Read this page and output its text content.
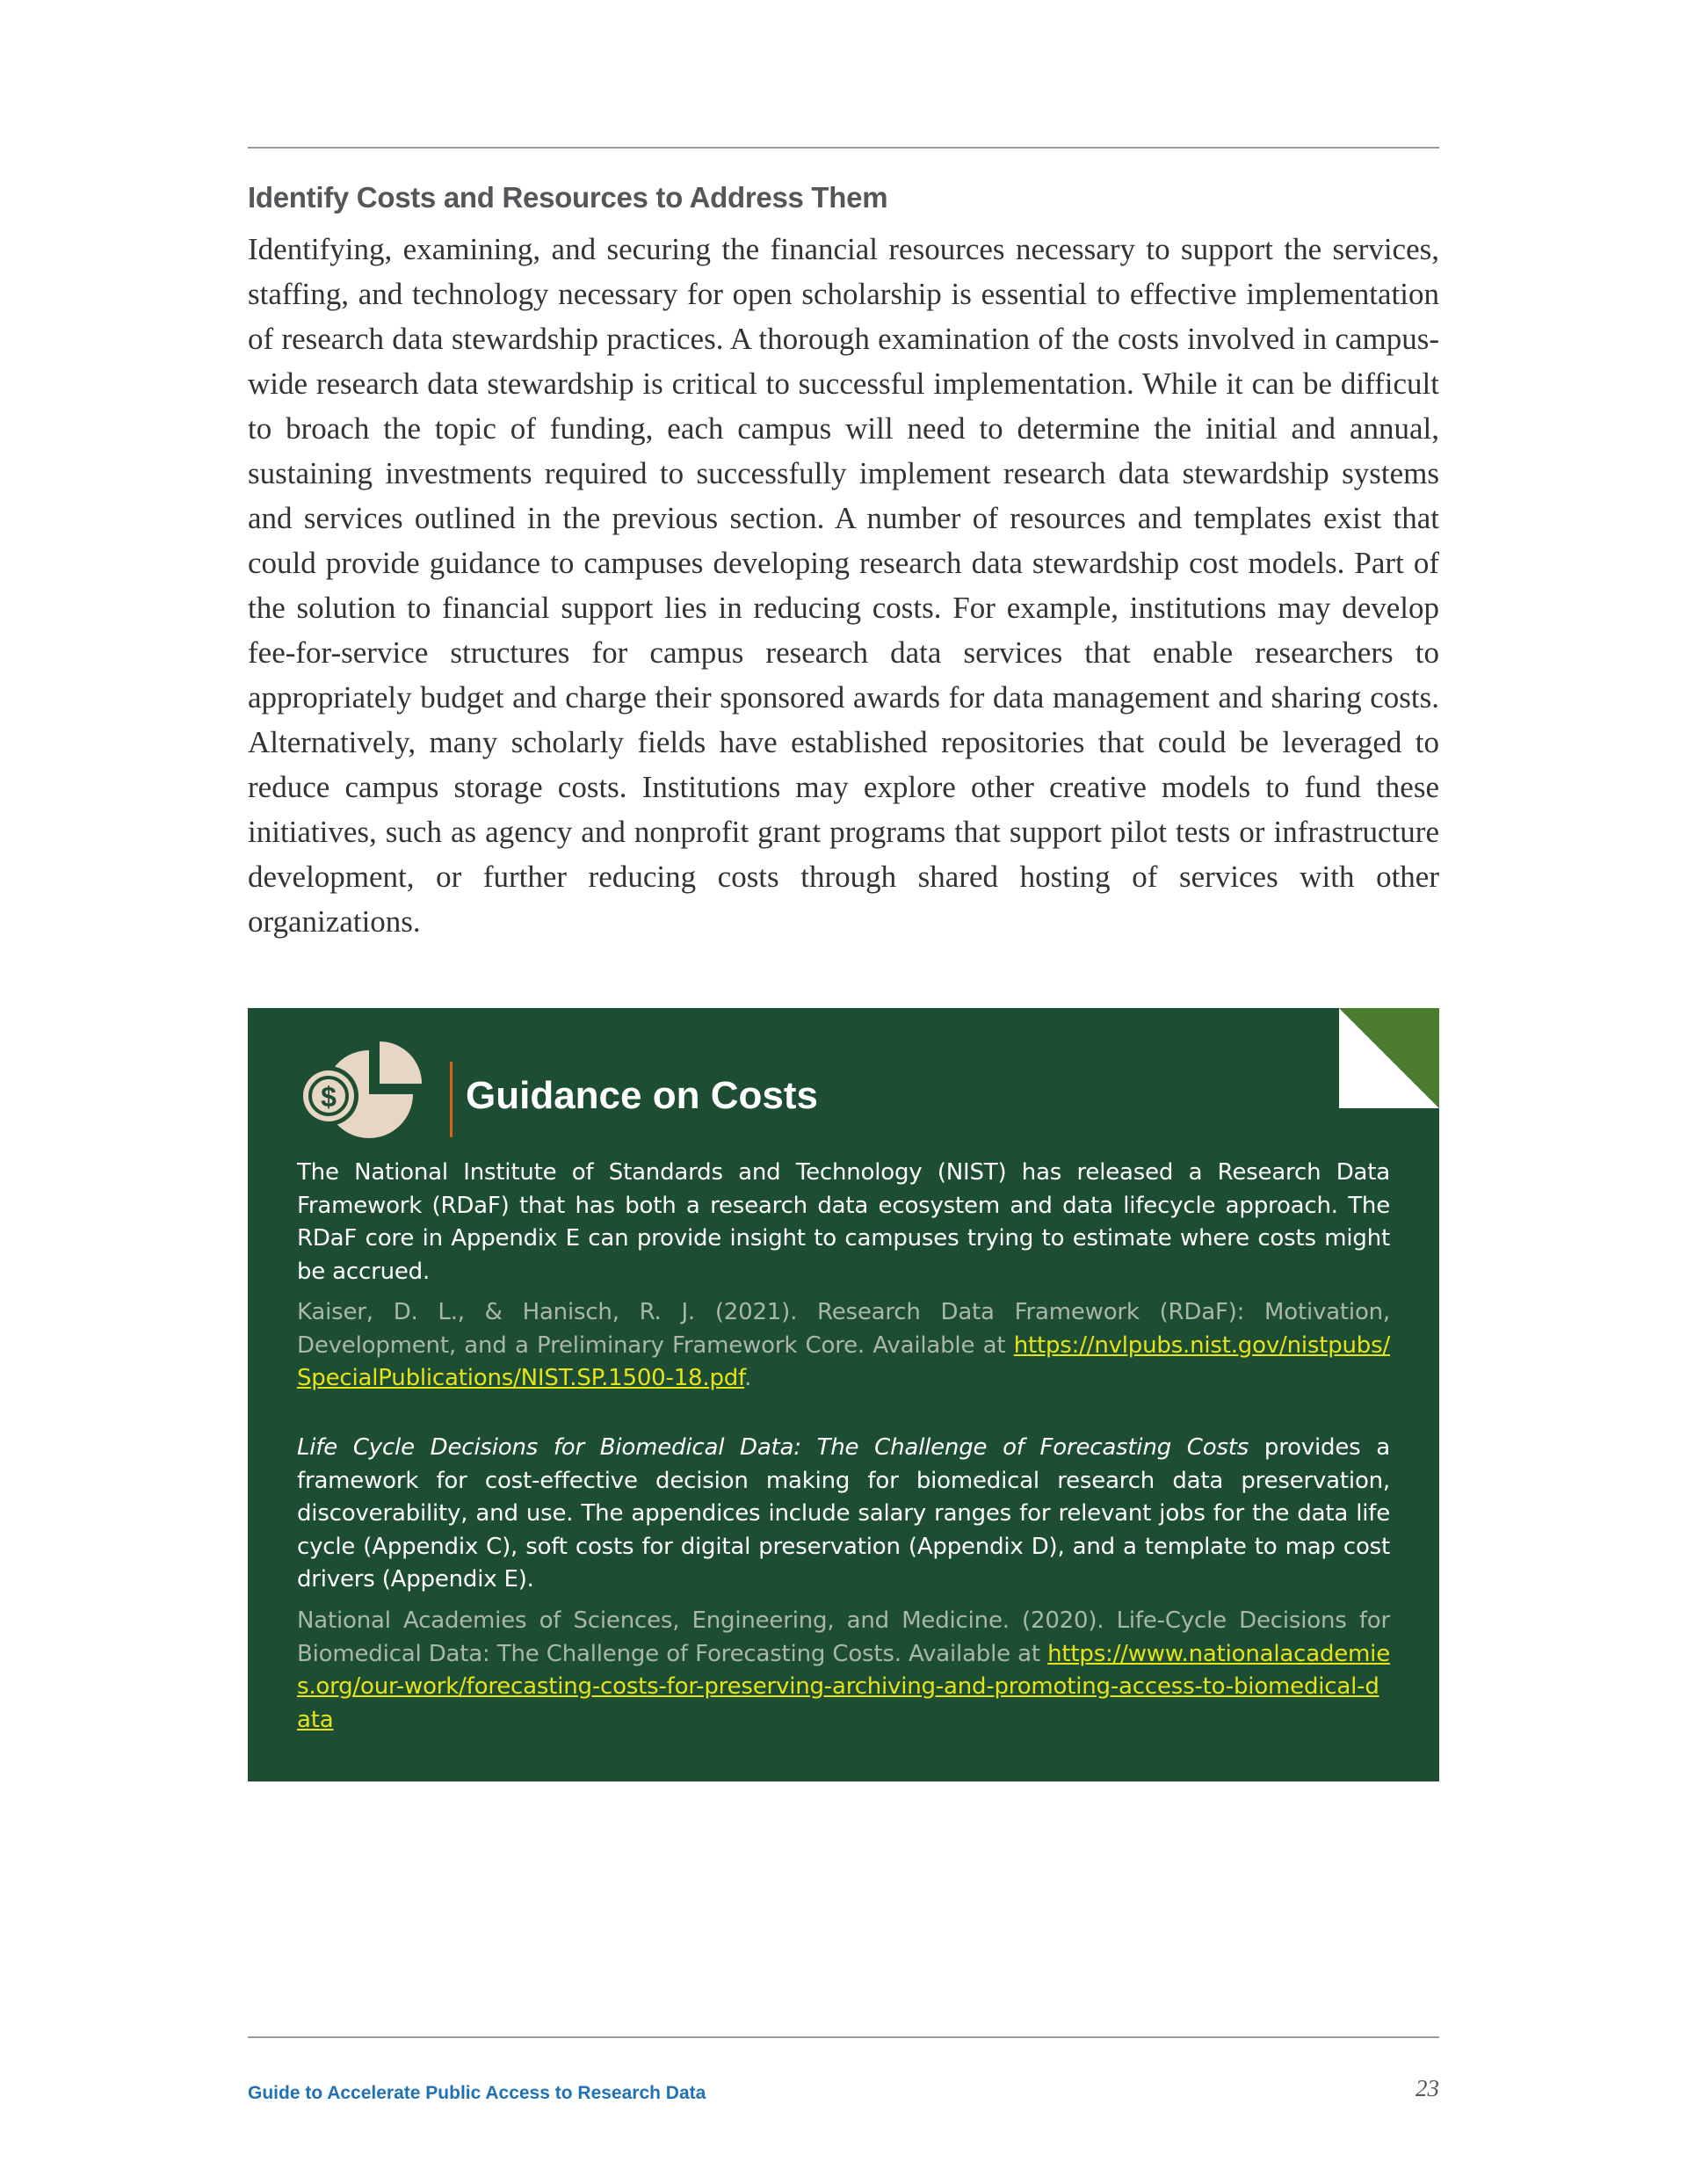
Identify Costs and Resources to Address Them

Identifying, examining, and securing the financial resources necessary to support the services, staffing, and technology necessary for open scholarship is essential to effective implementation of research data stewardship practices. A thorough examination of the costs involved in campus-wide research data stewardship is critical to successful implementation. While it can be difficult to broach the topic of funding, each campus will need to determine the initial and annual, sustaining investments required to successfully implement research data stewardship systems and services outlined in the previous section. A number of resources and templates exist that could provide guidance to campuses developing research data stewardship cost models. Part of the solution to financial support lies in reducing costs. For example, institutions may develop fee-for-service structures for campus research data services that enable researchers to appropriately budget and charge their sponsored awards for data management and sharing costs. Alternatively, many scholarly fields have established repositories that could be leveraged to reduce campus storage costs. Institutions may explore other creative models to fund these initiatives, such as agency and nonprofit grant programs that support pilot tests or infrastructure development, or further reducing costs through shared hosting of services with other organizations.

$	Guidance on Costs

The National Institute of Standards and Technology (NIST) has released a Research Data Framework (RDaF) that has both a research data ecosystem and data lifecycle approach. The RDaF core in Appendix E can provide insight to campuses trying to estimate where costs might be accrued.

Kaiser, D. L., & Hanisch, R. J. (2021). Research Data Framework (RDaF): Motivation, Development, and a Preliminary Framework Core. Available at https://nvlpubs.nist.gov/nistpubs/SpecialPublications/NIST.SP.1500-18.pdf.

Life Cycle Decisions for Biomedical Data: The Challenge of Forecasting Costs provides a framework for cost-effective decision making for biomedical research data preservation, discoverability, and use. The appendices include salary ranges for relevant jobs for the data life cycle (Appendix C), soft costs for digital preservation (Appendix D), and a template to map cost drivers (Appendix E).

National Academies of Sciences, Engineering, and Medicine. (2020). Life-Cycle Decisions for Biomedical Data: The Challenge of Forecasting Costs. Available at https://www.nationalacademies.org/our-work/forecasting-costs-for-preserving-archiving-and-promoting-access-to-biomedical-data

Guide to Accelerate Public Access to Research Data	23
